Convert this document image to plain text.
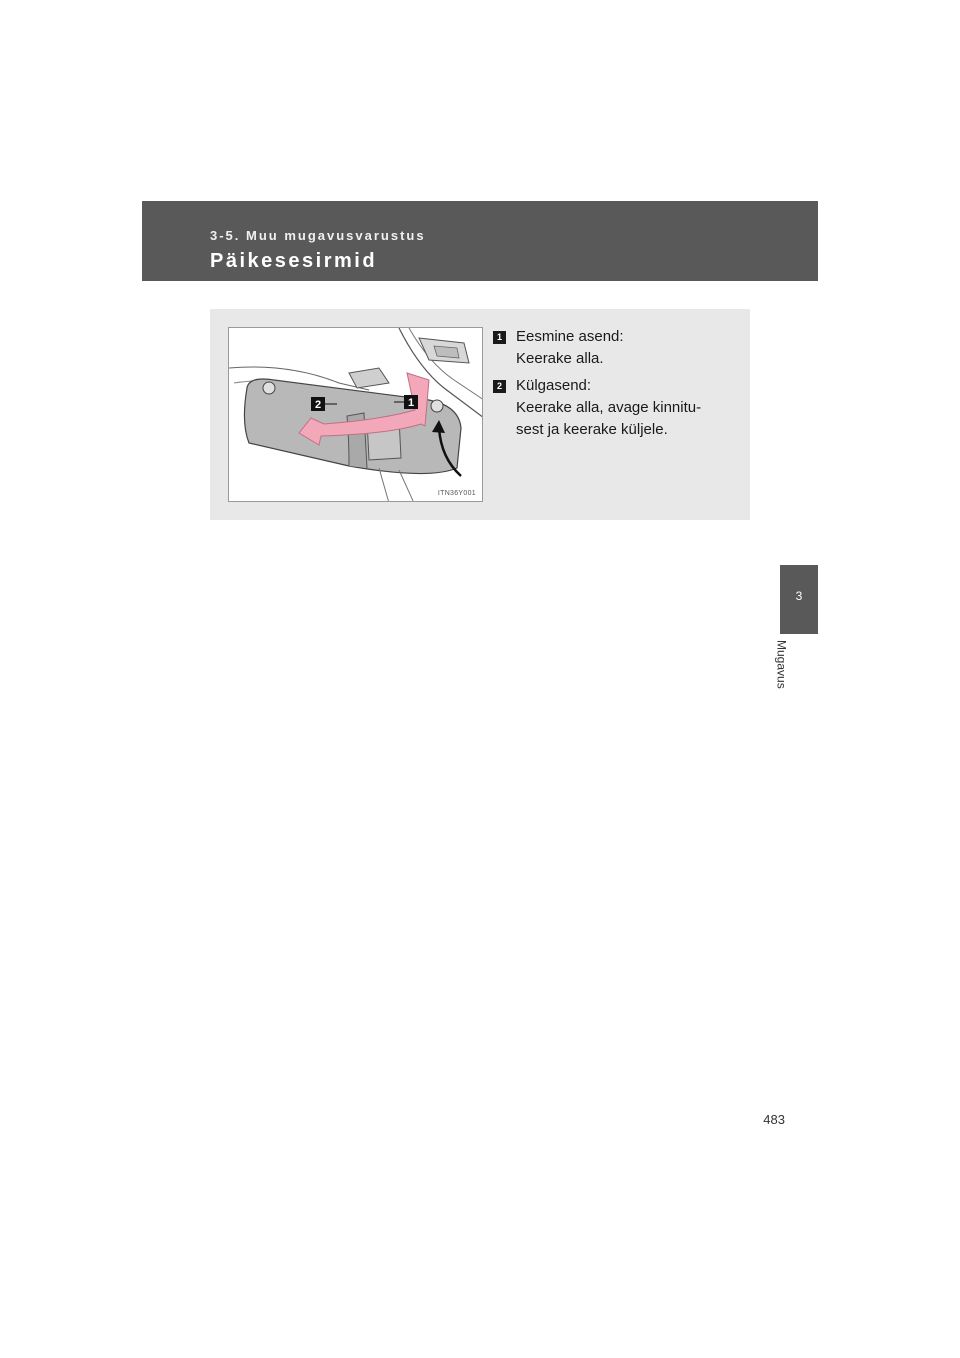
3-5. Muu mugavusvarustus
Päikesesirmid
3
Mugavus
2	1
ITN36Y001
1 Eesmine asend:
Keerake alla.
2 Külgasend:
Keerake alla, avage kinnitu-
sest ja keerake küljele.
483
